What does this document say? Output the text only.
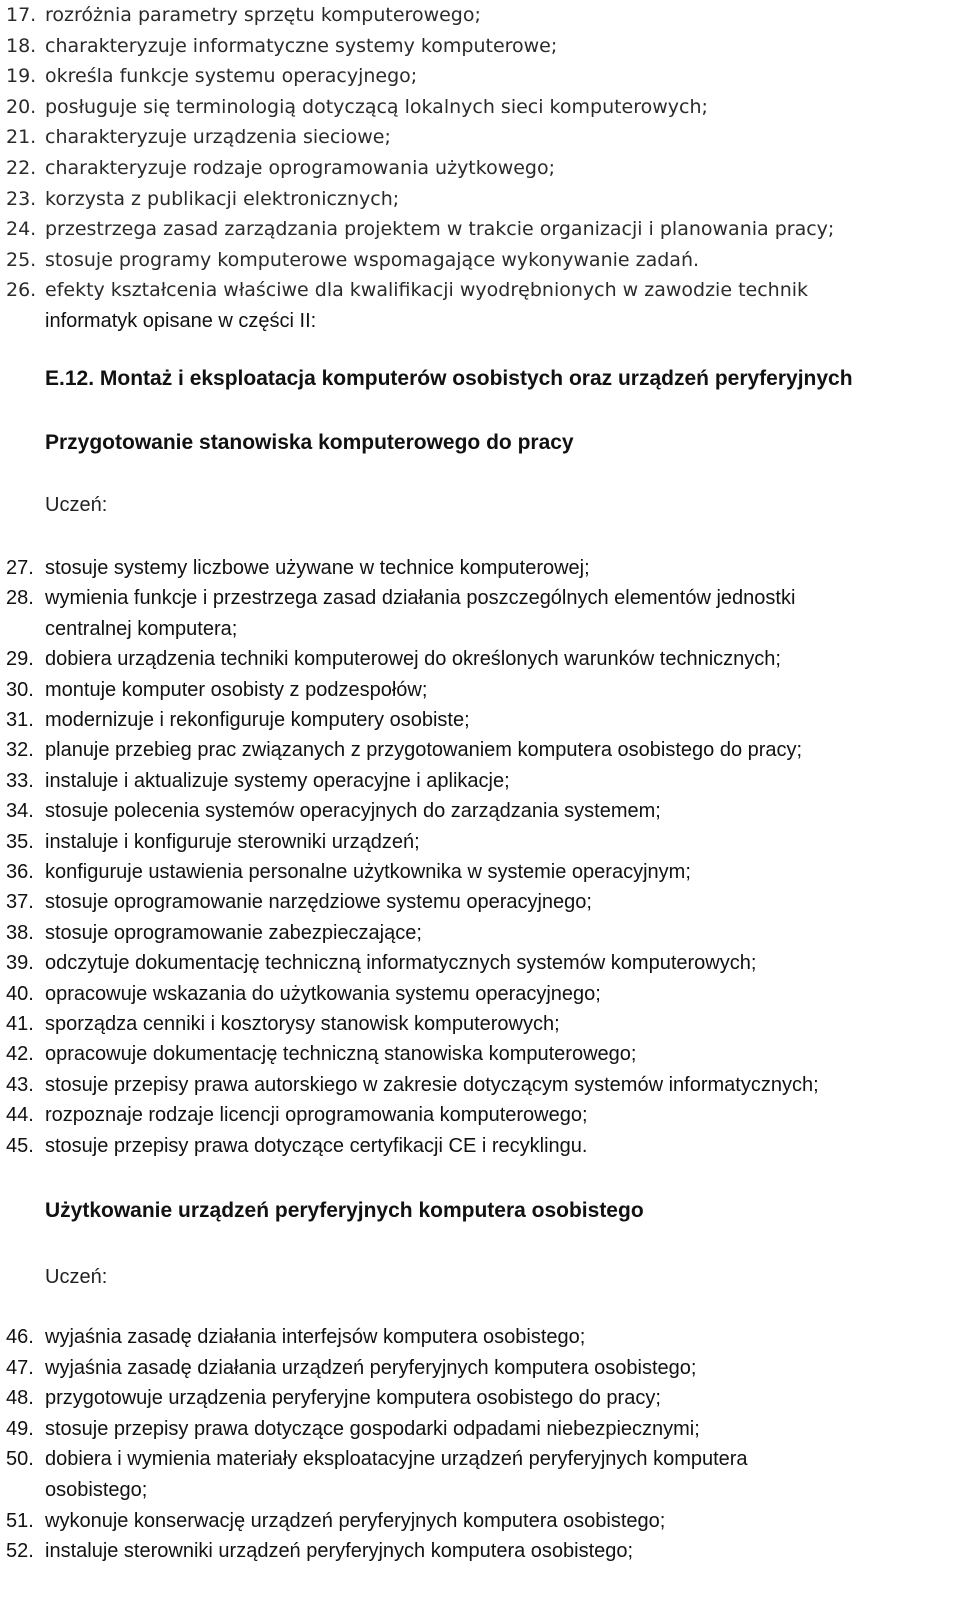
E.12. Montaż i eksploatacja komputerów osobistych oraz urządzeń peryferyjnych
Przygotowanie stanowiska komputerowego do pracy
Uczeń:
Użytkowanie urządzeń peryferyjnych komputera osobistego
Uczeń:
17. rozróżnia parametry sprzętu komputerowego;
18. charakteryzuje informatyczne systemy komputerowe;
19. określa funkcje systemu operacyjnego;
20. posługuje się terminologią dotyczącą lokalnych sieci komputerowych;
21. charakteryzuje urządzenia sieciowe;
22. charakteryzuje rodzaje oprogramowania użytkowego;
23. korzysta z publikacji elektronicznych;
24. przestrzega zasad zarządzania projektem w trakcie organizacji i planowania pracy;
25. stosuje programy komputerowe wspomagające wykonywanie zadań.
26. efekty kształcenia właściwe dla kwalifikacji wyodrębnionych w zawodzie technik
informatyk opisane w części II:
27. stosuje systemy liczbowe używane w technice komputerowej;
28. wymienia funkcje i przestrzega zasad działania poszczególnych elementów jednostki
centralnej komputera;
29. dobiera urządzenia techniki komputerowej do określonych warunków technicznych;
30. montuje komputer osobisty z podzespołów;
31. modernizuje i rekonfiguruje komputery osobiste;
32. planuje przebieg prac związanych z przygotowaniem komputera osobistego do pracy;
33. instaluje i aktualizuje systemy operacyjne i aplikacje;
34. stosuje polecenia systemów operacyjnych do zarządzania systemem;
35. instaluje i konfiguruje sterowniki urządzeń;
36. konfiguruje ustawienia personalne użytkownika w systemie operacyjnym;
37. stosuje oprogramowanie narzędziowe systemu operacyjnego;
38. stosuje oprogramowanie zabezpieczające;
39. odczytuje dokumentację techniczną informatycznych systemów komputerowych;
40. opracowuje wskazania do użytkowania systemu operacyjnego;
41. sporządza cenniki i kosztorysy stanowisk komputerowych;
42. opracowuje dokumentację techniczną stanowiska komputerowego;
43. stosuje przepisy prawa autorskiego w zakresie dotyczącym systemów informatycznych;
44. rozpoznaje rodzaje licencji oprogramowania komputerowego;
45. stosuje przepisy prawa dotyczące certyfikacji CE i recyklingu.
46. wyjaśnia zasadę działania interfejsów komputera osobistego;
47. wyjaśnia zasadę działania urządzeń peryferyjnych komputera osobistego;
48. przygotowuje urządzenia peryferyjne komputera osobistego do pracy;
49. stosuje przepisy prawa dotyczące gospodarki odpadami niebezpiecznymi;
50. dobiera i wymienia materiały eksploatacyjne urządzeń peryferyjnych komputera
osobistego;
51. wykonuje konserwację urządzeń peryferyjnych komputera osobistego;
52. instaluje sterowniki urządzeń peryferyjnych komputera osobistego;
